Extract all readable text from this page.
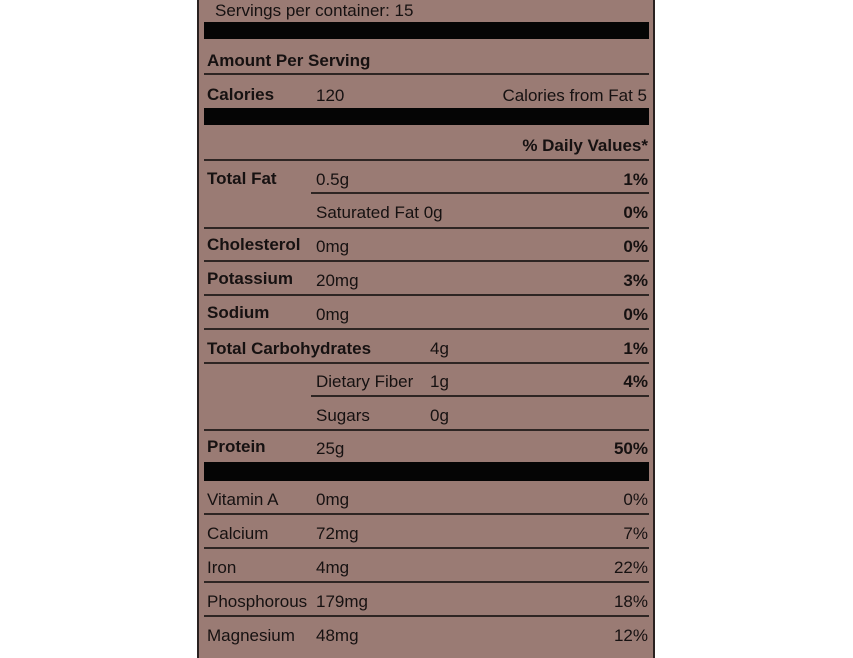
Servings per container: 15
Amount Per Serving
Calories 120	Calories from Fat 5
% Daily Values*
Total Fat 0.5g	1%
Saturated Fat 0g	0%
Cholesterol 0mg	0%
Potassium 20mg	3%
Sodium	0mg	0%
Total Carbohydrates	4g	1%
Dietary Fiber 1g	4%
Sugars	0g
Protein	25g	50%
Vitamin A 0mg	0%
Calcium	72mg	7%
Iron	4mg	22%
Phosphorous 179mg	18%
Magnesium 48mg	12%
